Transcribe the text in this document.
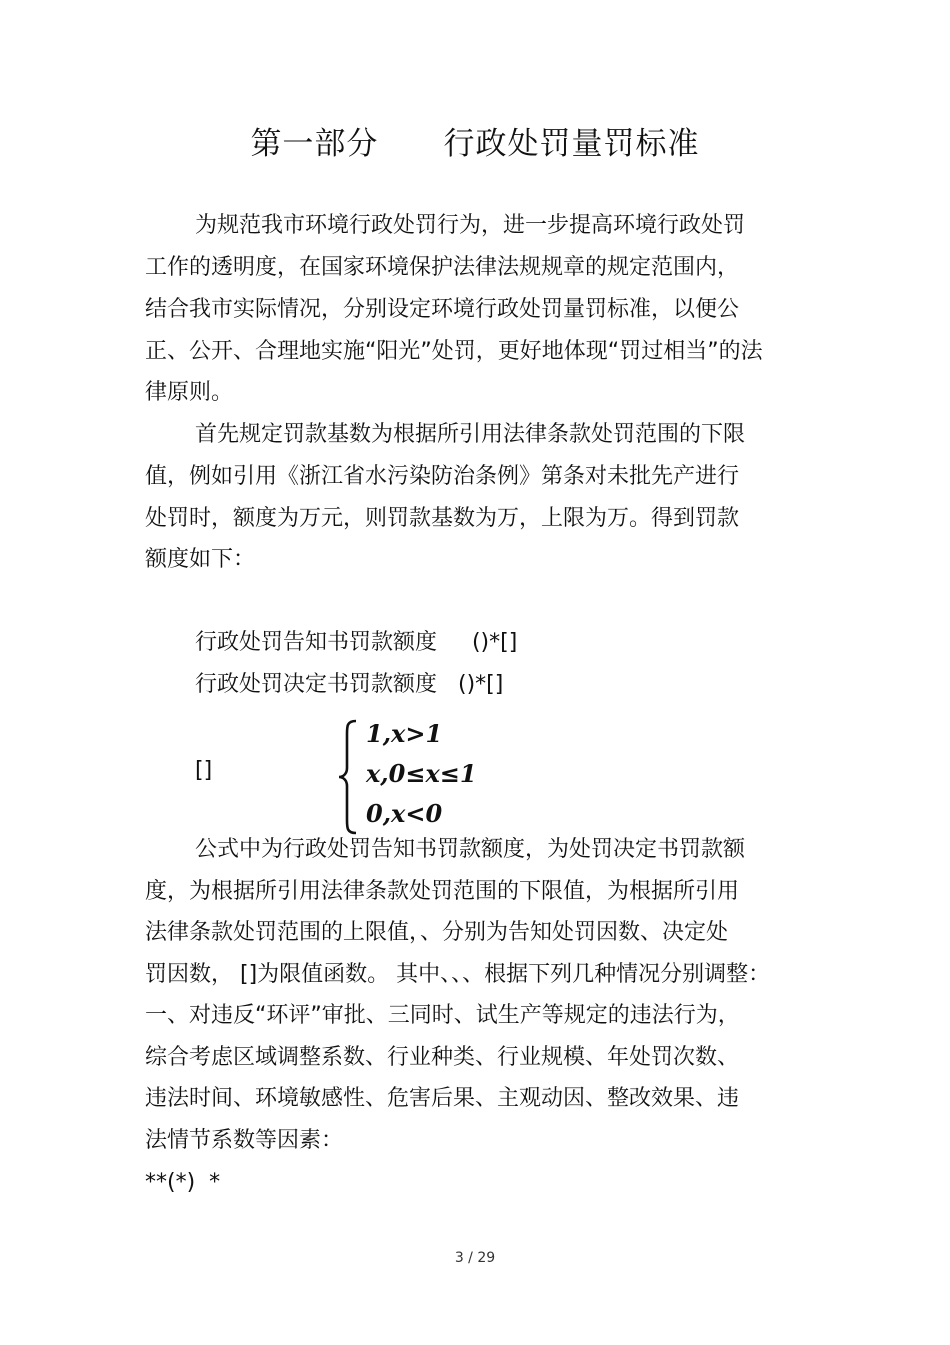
第一部分      行政处罚量罚标准
为规范我市环境行政处罚行为，进一步提高环境行政处罚
工作的透明度，在国家环境保护法律法规规章的规定范围内，
结合我市实际情况，分别设定环境行政处罚量罚标准，以便公
正、公开、合理地实施“阳光”处罚，更好地体现“罚过相当”的法
律原则。
首先规定罚款基数为根据所引用法律条款处罚范围的下限
值，例如引用《浙江省水污染防治条例》第条对未批先产进行
处罚时，额度为万元，则罚款基数为万，上限为万。得到罚款
额度如下：
行政处罚告知书罚款额度     ()*[]
行政处罚决定书罚款额度   ()*[]
[]
1,x>1
x,0≤x≤1
0,x<0
公式中为行政处罚告知书罚款额度，为处罚决定书罚款额
度，为根据所引用法律条款处罚范围的下限值，为根据所引用
法律条款处罚范围的上限值，、分别为告知处罚因数、决定处
罚因数， []为限值函数。 其中、、、根据下列几种情况分别调整：
一、对违反“环评”审批、三同时、试生产等规定的违法行为，
综合考虑区域调整系数、行业种类、行业规模、年处罚次数、
违法时间、环境敏感性、危害后果、主观动因、整改效果、违
法情节系数等因素：
**(*)  *
3 / 29
